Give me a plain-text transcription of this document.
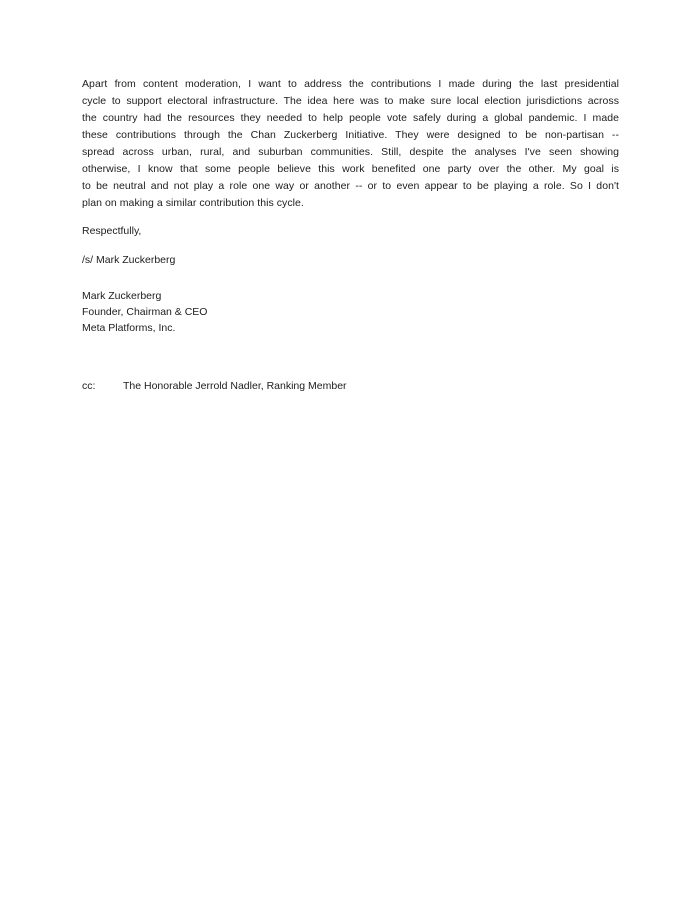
Apart from content moderation, I want to address the contributions I made during the last presidential
cycle to support electoral infrastructure. The idea here was to make sure local election jurisdictions across
the country had the resources they needed to help people vote safely during a global pandemic. I made
these contributions through the Chan Zuckerberg Initiative. They were designed to be non-partisan --
spread across urban, rural, and suburban communities. Still, despite the analyses I've seen showing
otherwise, I know that some people believe this work benefited one party over the other. My goal is
to be neutral and not play a role one way or another -- or to even appear to be playing a role. So I don't
plan on making a similar contribution this cycle.
Respectfully,
/s/ Mark Zuckerberg
Mark Zuckerberg
Founder, Chairman & CEO
Meta Platforms, Inc.
cc:	The Honorable Jerrold Nadler, Ranking Member
